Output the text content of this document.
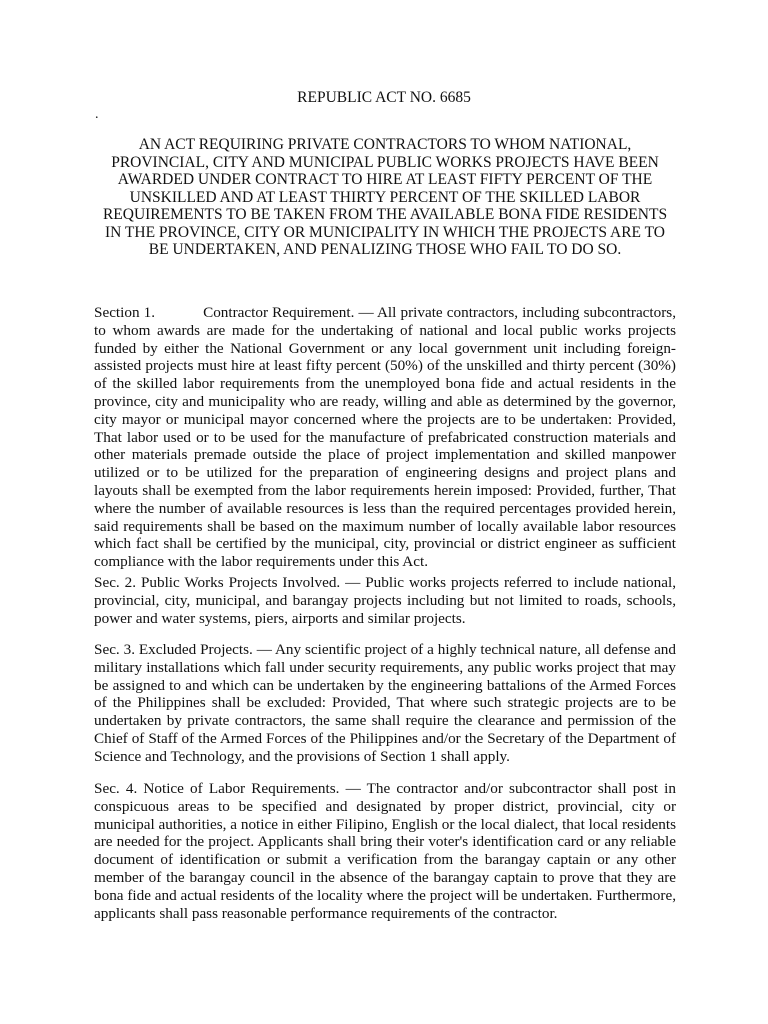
REPUBLIC ACT NO. 6685

.

AN ACT REQUIRING PRIVATE CONTRACTORS TO WHOM NATIONAL, PROVINCIAL, CITY AND MUNICIPAL PUBLIC WORKS PROJECTS HAVE BEEN AWARDED UNDER CONTRACT TO HIRE AT LEAST FIFTY PERCENT OF THE UNSKILLED AND AT LEAST THIRTY PERCENT OF THE SKILLED LABOR REQUIREMENTS TO BE TAKEN FROM THE AVAILABLE BONA FIDE RESIDENTS IN THE PROVINCE, CITY OR MUNICIPALITY IN WHICH THE PROJECTS ARE TO BE UNDERTAKEN, AND PENALIZING THOSE WHO FAIL TO DO SO.

Section 1.	Contractor Requirement. — All private contractors, including subcontractors, to whom awards are made for the undertaking of national and local public works projects funded by either the National Government or any local government unit including foreign-assisted projects must hire at least fifty percent (50%) of the unskilled and thirty percent (30%) of the skilled labor requirements from the unemployed bona fide and actual residents in the province, city and municipality who are ready, willing and able as determined by the governor, city mayor or municipal mayor concerned where the projects are to be undertaken: Provided, That labor used or to be used for the manufacture of prefabricated construction materials and other materials premade outside the place of project implementation and skilled manpower utilized or to be utilized for the preparation of engineering designs and project plans and layouts shall be exempted from the labor requirements herein imposed: Provided, further, That where the number of available resources is less than the required percentages provided herein, said requirements shall be based on the maximum number of locally available labor resources which fact shall be certified by the municipal, city, provincial or district engineer as sufficient compliance with the labor requirements under this Act.

Sec. 2. Public Works Projects Involved. — Public works projects referred to include national, provincial, city, municipal, and barangay projects including but not limited to roads, schools, power and water systems, piers, airports and similar projects.

Sec. 3. Excluded Projects. — Any scientific project of a highly technical nature, all defense and military installations which fall under security requirements, any public works project that may be assigned to and which can be undertaken by the engineering battalions of the Armed Forces of the Philippines shall be excluded: Provided, That where such strategic projects are to be undertaken by private contractors, the same shall require the clearance and permission of the Chief of Staff of the Armed Forces of the Philippines and/or the Secretary of the Department of Science and Technology, and the provisions of Section 1 shall apply.

Sec. 4. Notice of Labor Requirements. — The contractor and/or subcontractor shall post in conspicuous areas to be specified and designated by proper district, provincial, city or municipal authorities, a notice in either Filipino, English or the local dialect, that local residents are needed for the project. Applicants shall bring their voter's identification card or any reliable document of identification or submit a verification from the barangay captain or any other member of the barangay council in the absence of the barangay captain to prove that they are bona fide and actual residents of the locality where the project will be undertaken. Furthermore, applicants shall pass reasonable performance requirements of the contractor.
